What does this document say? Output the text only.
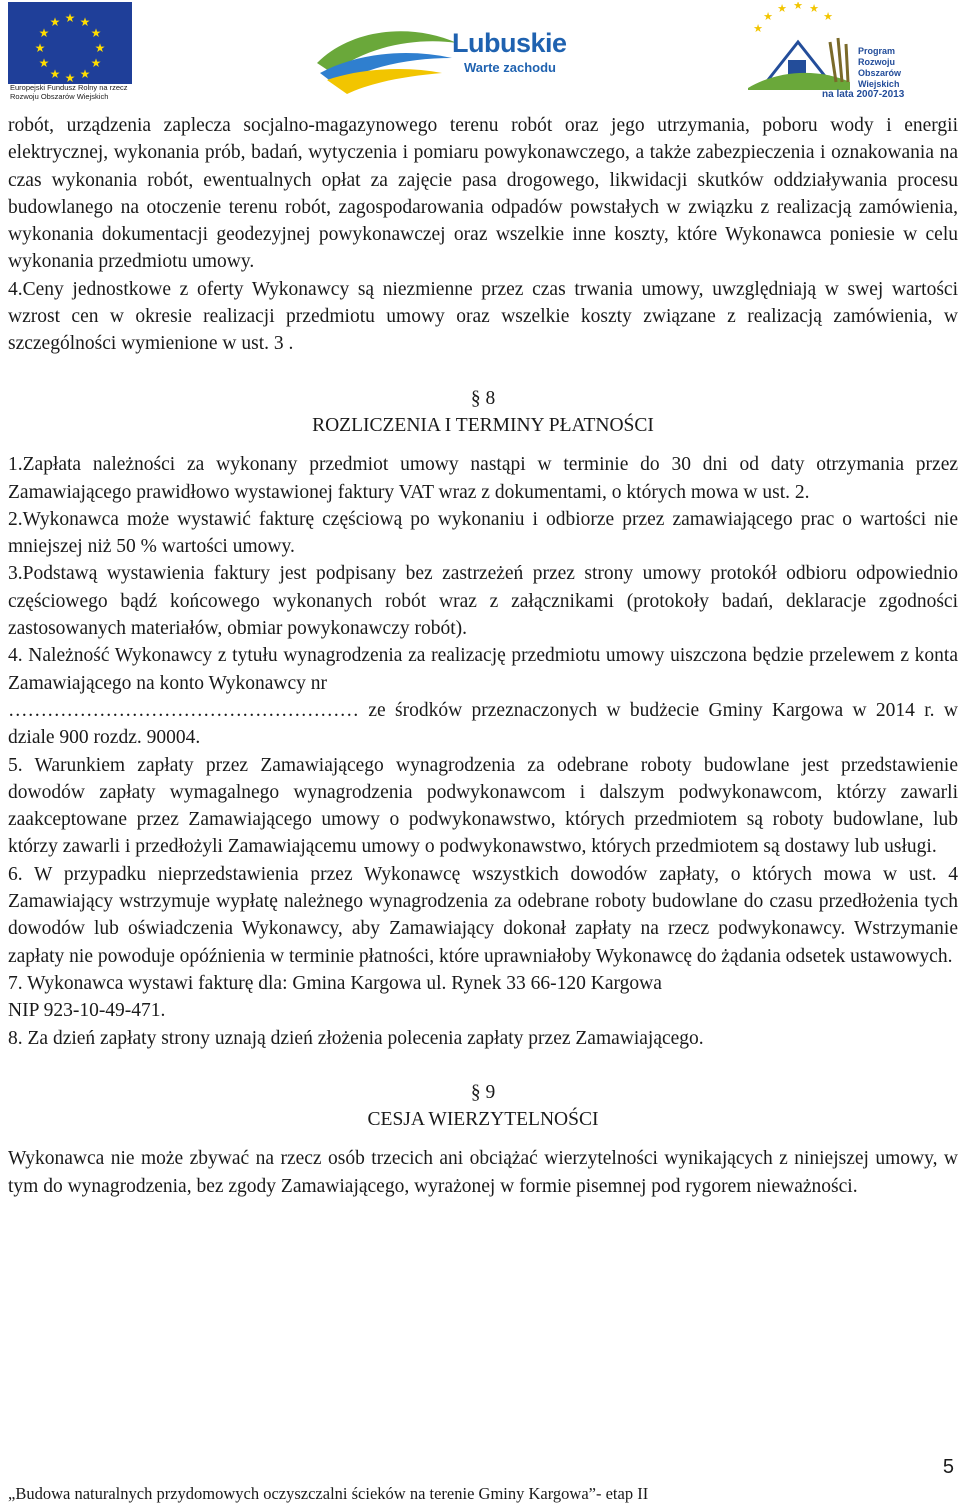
★ ★
★
★
★
★
★
★
★
★
★
★
Europejski Fundusz Rolny na rzecz Rozwoju Obszarów Wiejskich
Lubuskie
Warte zachodu
★
★
★ ★ ★
★
Program Rozwoju Obszarów Wiejskich
na lata 2007-2013

robót, urządzenia zaplecza socjalno-magazynowego terenu robót oraz jego utrzymania, poboru wody i energii elektrycznej, wykonania prób, badań, wytyczenia i pomiaru powykonawczego, a także zabezpieczenia i oznakowania na czas wykonania robót, ewentualnych opłat za zajęcie pasa drogowego, likwidacji skutków oddziaływania procesu budowlanego na otoczenie terenu robót, zagospodarowania odpadów powstałych w związku z realizacją zamówienia, wykonania dokumentacji geodezyjnej powykonawczej oraz wszelkie inne koszty, które Wykonawca poniesie w celu wykonania przedmiotu umowy.

4.Ceny jednostkowe z oferty Wykonawcy są niezmienne przez czas trwania umowy, uwzględniają w swej wartości wzrost cen w okresie realizacji przedmiotu umowy oraz wszelkie koszty związane z realizacją zamówienia, w szczególności wymienione w ust. 3 .

§ 8

ROZLICZENIA I TERMINY PŁATNOŚCI

1.Zapłata należności za wykonany przedmiot umowy nastąpi w terminie do 30 dni od daty otrzymania przez Zamawiającego prawidłowo wystawionej faktury VAT wraz z dokumentami, o których mowa w ust. 2.

2.Wykonawca może wystawić fakturę częściową po wykonaniu i odbiorze przez zamawiającego prac o wartości nie mniejszej niż 50 % wartości umowy.

3.Podstawą wystawienia faktury jest podpisany bez zastrzeżeń przez strony umowy protokół odbioru odpowiednio częściowego bądź końcowego wykonanych robót wraz z załącznikami (protokoły badań, deklaracje zgodności zastosowanych materiałów, obmiar powykonawczy robót).

4. Należność Wykonawcy z tytułu wynagrodzenia za realizację przedmiotu umowy uiszczona będzie przelewem z konta Zamawiającego na konto Wykonawcy nr

……………………………………………… ze środków przeznaczonych w budżecie Gminy Kargowa w 2014 r. w dziale 900 rozdz. 90004.

5. Warunkiem zapłaty przez Zamawiającego wynagrodzenia za odebrane roboty budowlane jest przedstawienie dowodów zapłaty wymagalnego wynagrodzenia podwykonawcom i dalszym podwykonawcom, którzy zawarli zaakceptowane przez Zamawiającego umowy o podwykonawstwo, których przedmiotem są roboty budowlane, lub którzy zawarli i przedłożyli Zamawiającemu umowy o podwykonawstwo, których przedmiotem są dostawy lub usługi.

6. W przypadku nieprzedstawienia przez Wykonawcę wszystkich dowodów zapłaty, o których mowa w ust. 4 Zamawiający wstrzymuje wypłatę należnego wynagrodzenia za odebrane roboty budowlane do czasu przedłożenia tych dowodów lub oświadczenia Wykonawcy, aby Zamawiający dokonał zapłaty na rzecz podwykonawcy. Wstrzymanie zapłaty nie powoduje opóźnienia w terminie płatności, które uprawniałoby Wykonawcę do żądania odsetek ustawowych.

7. Wykonawca wystawi fakturę dla: Gmina Kargowa ul. Rynek 33 66-120 Kargowa

NIP 923-10-49-471.

8. Za dzień zapłaty strony uznają dzień złożenia polecenia zapłaty przez Zamawiającego.

§ 9

CESJA WIERZYTELNOŚCI

Wykonawca nie może zbywać na rzecz osób trzecich ani obciążać wierzytelności wynikających z niniejszej umowy, w tym do wynagrodzenia, bez zgody Zamawiającego, wyrażonej w formie pisemnej pod rygorem nieważności.

5
„Budowa naturalnych przydomowych oczyszczalni ścieków na terenie Gminy Kargowa”- etap II
